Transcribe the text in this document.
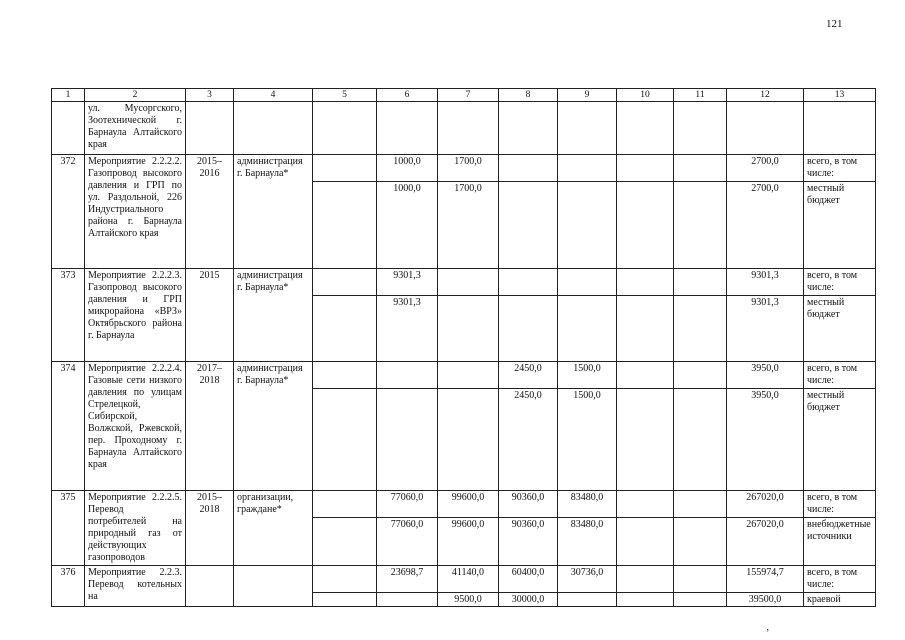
121
1	2	3	4	5	6	7	8	9	10	11	12	13
	ул. Мусоргского, Зоотехнической г. Барнаула Алтайского края											
372	Мероприятие 2.2.2.2. Газопровод высокого давления и ГРП по ул. Раздольной, 226 Индустриального района г. Барнаула Алтайского края	2015–2016	администрация г. Барнаула*		1000,0	1700,0					2700,0	всего, в том числе:
					1000,0	1700,0					2700,0	местный бюджет
373	Мероприятие 2.2.2.3. Газопровод высокого давления и ГРП микрорайона «ВРЗ» Октябрьского района г. Барнаула	2015	администрация г. Барнаула*		9301,3						9301,3	всего, в том числе:
					9301,3						9301,3	местный бюджет
374	Мероприятие 2.2.2.4. Газовые сети низкого давления по улицам Стрелецкой, Сибирской, Волжской, Ржевской, пер. Проходному г. Барнаула Алтайского края	2017–2018	администрация г. Барнаула*				2450,0	1500,0			3950,0	всего, в том числе:
							2450,0	1500,0			3950,0	местный бюджет
375	Мероприятие 2.2.2.5. Перевод потребителей на природный газ от действующих газопроводов	2015–2018	организации, граждане*		77060,0	99600,0	90360,0	83480,0			267020,0	всего, в том числе:
					77060,0	99600,0	90360,0	83480,0			267020,0	внебюджетные источники
376	Мероприятие 2.2.3. Перевод котельных на				23698,7	41140,0	60400,0	30736,0			155974,7	всего, в том числе:
						9500,0	30000,0				39500,0	краевой
ʼ
